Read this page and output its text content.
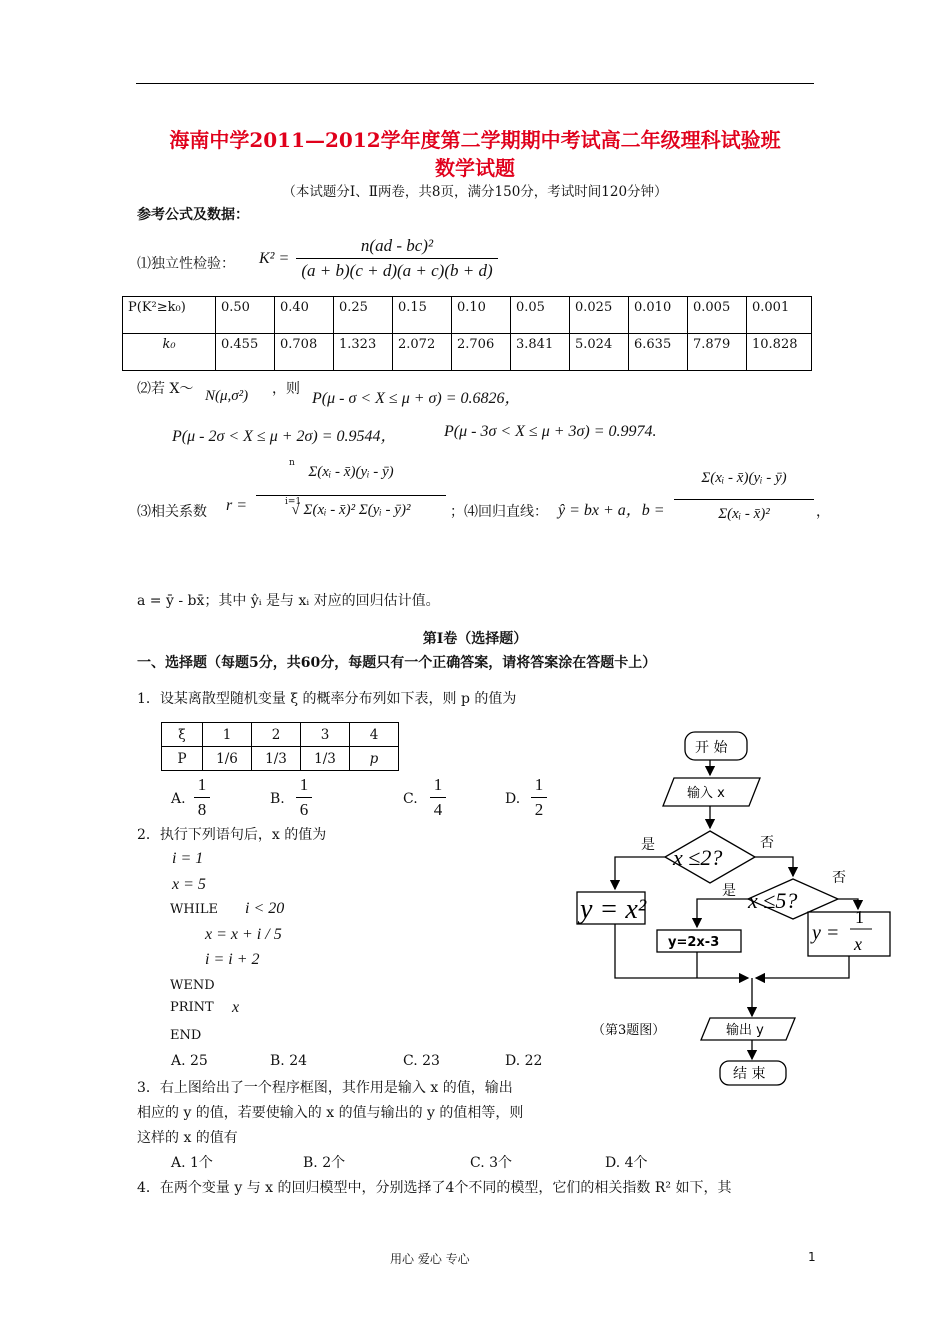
海南中学2011—2012学年度第二学期期中考试高二年级理科试验班
数学试题
（本试题分Ⅰ、Ⅱ两卷，共8页，满分150分，考试时间120分钟）
参考公式及数据：
⑴独立性检验： K² =
n(ad - bc)²
(a + b)(c + d)(a + c)(b + d)
P(K²≥k₀)	0.50	0.40	0.25	0.15	0.10	0.05	0.025	0.010	0.005	0.001
k₀	0.455	0.708	1.323	2.072	2.706	3.841	5.024	6.635	7.879	10.828
⑵若 X～ N(μ,σ²) ，则
P(μ - σ < X ≤ μ + σ) = 0.6826，
P(μ - 2σ < X ≤ μ + 2σ) = 0.9544，	P(μ - 3σ < X ≤ μ + 3σ) = 0.9974.
⑶相关系数 r =
Σ(xᵢ - x̄)(yᵢ - ȳ)
√ Σ(xᵢ - x̄)² Σ(yᵢ - ȳ)²
n
i=1
；⑷回归直线： ŷ = bx + a，b =
Σ(xᵢ - x̄)(yᵢ - ȳ)
Σ(xᵢ - x̄)²	，
a = ȳ - bx̄；其中 ŷᵢ 是与 xᵢ 对应的回归估计值。
第Ⅰ卷（选择题）
一、选择题（每题5分，共60分，每题只有一个正确答案，请将答案涂在答题卡上）
1．设某离散型随机变量 ξ 的概率分布列如下表，则 p 的值为
ξ	1	2	3	4
P	1/6	1/3	1/3	p
A.
1
8
B.
1
6
C.
1
4
D.
1
2
2．执行下列语句后，x 的值为
i = 1
x = 5
WHILE i < 20
x = x + i / 5
i = i + 2
WEND
PRINT x
END
A. 25	B. 24	C. 23	D. 22
3．右上图给出了一个程序框图，其作用是输入 x 的值，输出
相应的 y 的值，若要使输入的 x 的值与输出的 y 的值相等，则
这样的 x 的值有
A. 1个	B. 2个	C. 3个	D. 4个
4．在两个变量 y 与 x 的回归模型中，分别选择了4个不同的模型，它们的相关指数 R² 如下，其
开 始
输入 x
x ≤2?
是	否
x ≤5?
是
否
y = x²
y=2x-3	y =
1
x
输出 y
结 束
（第3题图）
用心 爱心 专心	1
